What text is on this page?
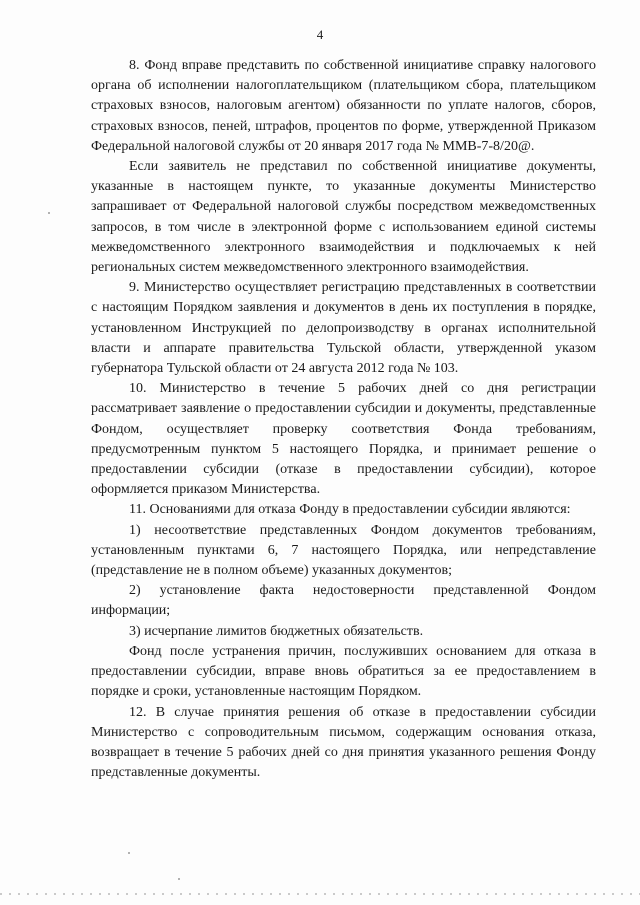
4

8. Фонд вправе представить по собственной инициативе справку налогового органа об исполнении налогоплательщиком (плательщиком сбора, плательщиком страховых взносов, налоговым агентом) обязанности по уплате налогов, сборов, страховых взносов, пеней, штрафов, процентов по форме, утвержденной Приказом Федеральной налоговой службы от 20 января 2017 года № ММВ-7-8/20@.

Если заявитель не представил по собственной инициативе документы, указанные в настоящем пункте, то указанные документы Министерство запрашивает от Федеральной налоговой службы посредством межведомственных запросов, в том числе в электронной форме с использованием единой системы межведомственного электронного взаимодействия и подключаемых к ней региональных систем межведомственного электронного взаимодействия.

9. Министерство осуществляет регистрацию представленных в соответствии с настоящим Порядком заявления и документов в день их поступления в порядке, установленном Инструкцией по делопроизводству в органах исполнительной власти и аппарате правительства Тульской области, утвержденной указом губернатора Тульской области от 24 августа 2012 года № 103.

10. Министерство в течение 5 рабочих дней со дня регистрации рассматривает заявление о предоставлении субсидии и документы, представленные Фондом, осуществляет проверку соответствия Фонда требованиям, предусмотренным пунктом 5 настоящего Порядка, и принимает решение о предоставлении субсидии (отказе в предоставлении субсидии), которое оформляется приказом Министерства.

11. Основаниями для отказа Фонду в предоставлении субсидии являются:

1) несоответствие представленных Фондом документов требованиям, установленным пунктами 6, 7 настоящего Порядка, или непредставление (представление не в полном объеме) указанных документов;

2) установление факта недостоверности представленной Фондом информации;

3) исчерпание лимитов бюджетных обязательств.

Фонд после устранения причин, послуживших основанием для отказа в предоставлении субсидии, вправе вновь обратиться за ее предоставлением в порядке и сроки, установленные настоящим Порядком.

12. В случае принятия решения об отказе в предоставлении субсидии Министерство с сопроводительным письмом, содержащим основания отказа, возвращает в течение 5 рабочих дней со дня принятия указанного решения Фонду представленные документы.
